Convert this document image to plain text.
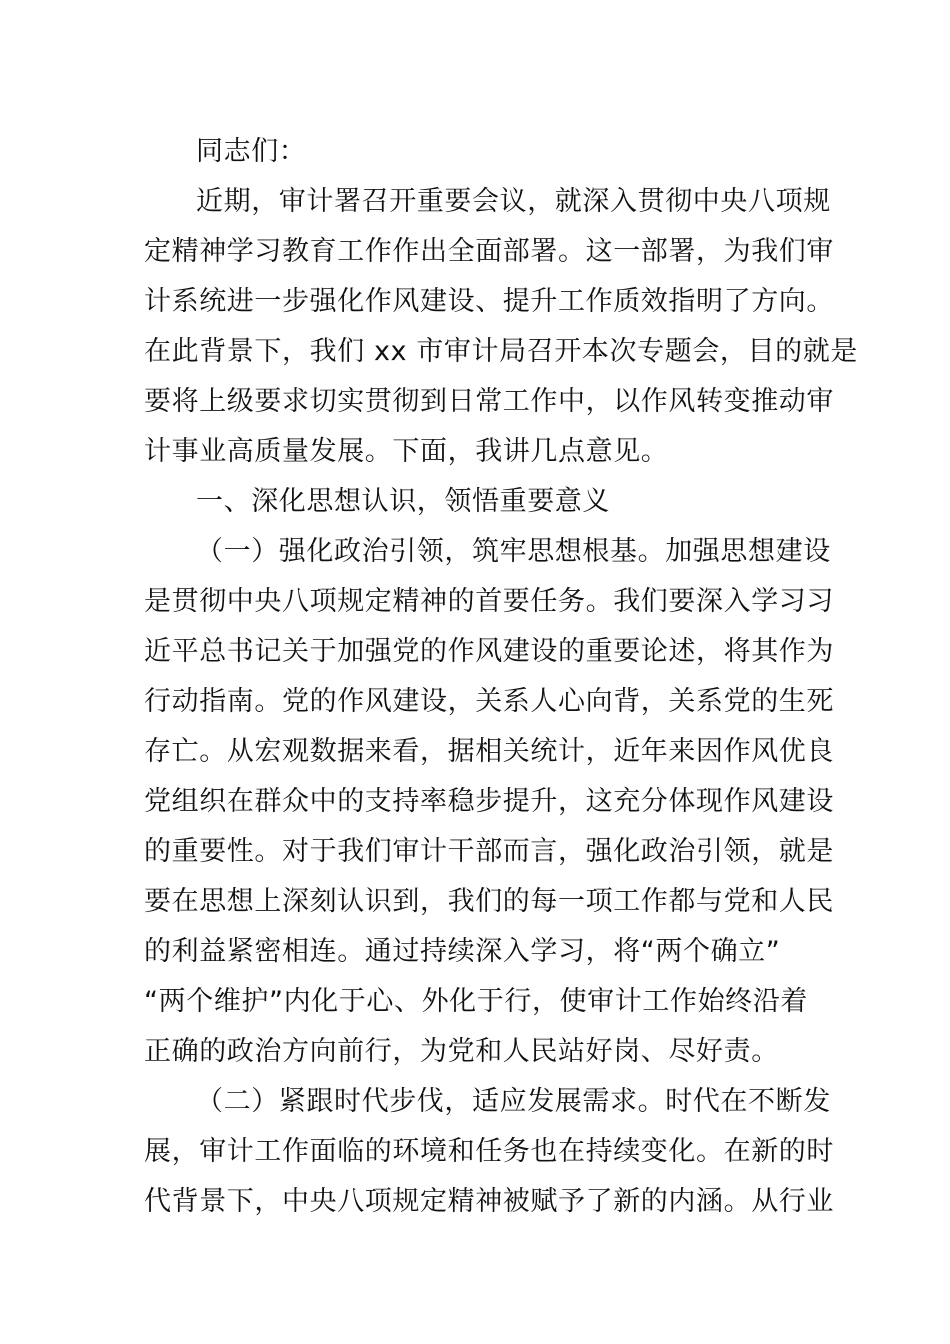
同志们：
近期，审计署召开重要会议，就深入贯彻中央八项规
定精神学习教育工作作出全面部署。这一部署，为我们审
计系统进一步强化作风建设、提升工作质效指明了方向。
在此背景下，我们 xx 市审计局召开本次专题会，目的就是
要将上级要求切实贯彻到日常工作中，以作风转变推动审
计事业高质量发展。下面，我讲几点意见。
一、深化思想认识，领悟重要意义
（一）强化政治引领，筑牢思想根基。加强思想建设
是贯彻中央八项规定精神的首要任务。我们要深入学习习
近平总书记关于加强党的作风建设的重要论述，将其作为
行动指南。党的作风建设，关系人心向背，关系党的生死
存亡。从宏观数据来看，据相关统计，近年来因作风优良
党组织在群众中的支持率稳步提升，这充分体现作风建设
的重要性。对于我们审计干部而言，强化政治引领，就是
要在思想上深刻认识到，我们的每一项工作都与党和人民
的利益紧密相连。通过持续深入学习，将“两个确立”
“两个维护”内化于心、外化于行，使审计工作始终沿着
正确的政治方向前行，为党和人民站好岗、尽好责。
（二）紧跟时代步伐，适应发展需求。时代在不断发
展，审计工作面临的环境和任务也在持续变化。在新的时
代背景下，中央八项规定精神被赋予了新的内涵。从行业
